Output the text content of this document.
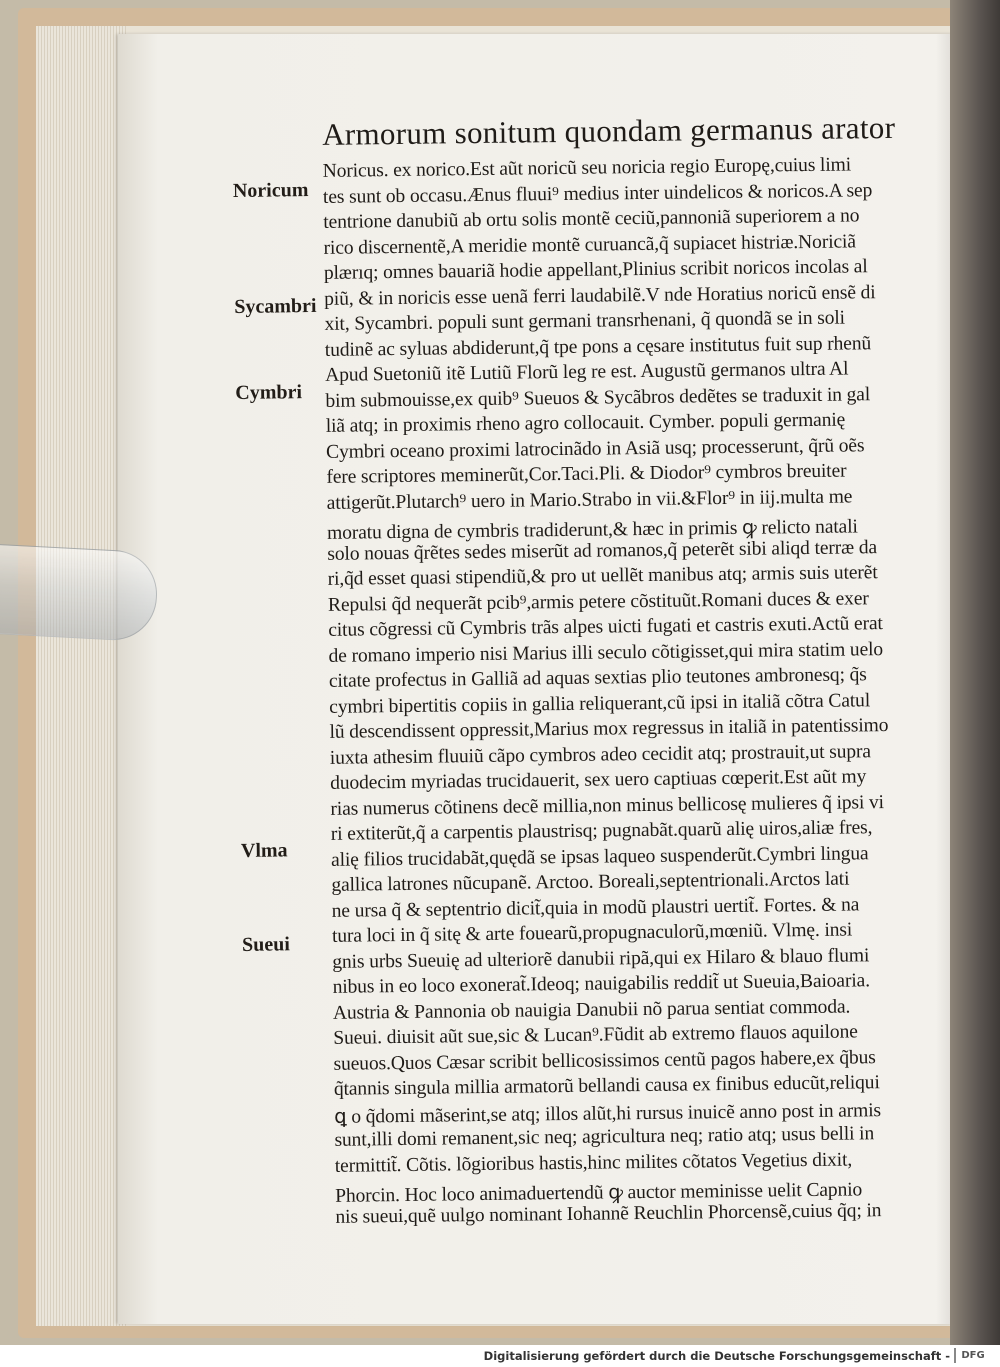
Armorum sonitum quondam germanus arator
Noricus. ex norico.Est aũt noricũ seu noricia regio Europę,cuius limi
tes sunt ob occasu.Ænus fluui⁹ medius inter uindelicos & noricos.A sep
tentrione danubiũ ab ortu solis montẽ ceciũ,pannoniã superiorem a no
rico discernentẽ,A meridie montẽ curuancã,q̃ supiacet histriæ.Noriciã
plærıq; omnes bauariã hodie appellant,Plinius scribit noricos incolas al
piũ, & in noricis esse uenã ferri laudabilẽ.V nde Horatius noricũ ensẽ di
xit, Sycambri. populi sunt germani transrhenani, q̃ quondã se in soli
tudinẽ ac syluas abdiderunt,q̃ tpe pons a cęsare institutus fuit sup rhenũ
Apud Suetoniũ itẽ Lutiũ Florũ leg re est. Augustũ germanos ultra Al
bim submouisse,ex quib⁹ Sueuos & Sycãbros dedẽtes se traduxit in gal
liã atq; in proximis rheno agro collocauit. Cymber. populi germanię
Cymbri oceano proximi latrocinãdo in Asiã usq; processerunt, q̃rũ oẽs
fere scriptores meminerũt,Cor.Taci.Pli. & Diodor⁹ cymbros breuiter
attigerũt.Plutarch⁹ uero in Mario.Strabo in vii.&Flor⁹ in iij.multa me
moratu digna de cymbris tradiderunt,& hæc in primis ꝙ relicto natali
solo nouas q̃rẽtes sedes miserũt ad romanos,q̃ peterẽt sibi aliqd terræ da
ri,q̃d esset quasi stipendiũ,& pro ut uellẽt manibus atq; armis suis uterẽt
Repulsi q̃d nequerãt pcib⁹,armis petere cõstituũt.Romani duces & exer
citus cõgressi cũ Cymbris trãs alpes uicti fugati et castris exuti.Actũ erat
de romano imperio nisi Marius illi seculo cõtigisset,qui mira statim uelo
citate profectus in Galliã ad aquas sextias plio teutones ambronesq; q̃s
cymbri bipertitis copiis in gallia reliquerant,cũ ipsi in italiã cõtra Catul
lũ descendissent oppressit,Marius mox regressus in italiã in patentissimo
iuxta athesim fluuiũ cãpo cymbros adeo cecidit atq; prostrauit,ut supra
duodecim myriadas trucidauerit, sex uero captiuas cœperit.Est aũt my
rias numerus cõtinens decẽ millia,non minus bellicosę mulieres q̃ ipsi vi
ri extiterũt,q̃ a carpentis plaustrisq; pugnabãt.quarũ alię uiros,aliæ fres,
alię filios trucidabãt,quędã se ipsas laqueo suspenderũt.Cymbri lingua
gallica latrones nũcupanẽ. Arctoo. Boreali,septentrionali.Arctos lati
ne ursa q̃ & septentrio dicit̃,quia in modũ plaustri uertit̃. Fortes. & na
tura loci in q̃ sitę & arte fouearũ,propugnaculorũ,mœniũ. Vlmę. insi
gnis urbs Sueuię ad ulteriorẽ danubii ripã,qui ex Hilaro & blauo flumi
nibus in eo loco exonerat̃.Ideoq; nauigabilis reddit̃ ut Sueuia,Baioaria.
Austria & Pannonia ob nauigia Danubii nõ parua sentiat commoda.
Sueui. diuisit aũt sue,sic & Lucan⁹.Fũdit ab extremo flauos aquilone
sueuos.Quos Cæsar scribit bellicosissimos centũ pagos habere,ex q̃bus
q̃tannis singula millia armatorũ bellandi causa ex finibus educũt,reliqui
ꝗ o q̃domi mãserint,se atq; illos alũt,hi rursus inuicẽ anno post in armis
sunt,illi domi remanent,sic neq; agricultura neq; ratio atq; usus belli in
termittit̃. Cõtis. lõgioribus hastis,hinc milites cõtatos Vegetius dixit,
Phorcin. Hoc loco animaduertendũ ꝙ auctor meminisse uelit Capnio
nis sueui,quẽ uulgo nominant Iohannẽ Reuchlin Phorcensẽ,cuius q̃q; in
Noricum
Sycambri
Cymbri
Vlma
Sueui
Digitalisierung gefördert durch die Deutsche Forschungsgemeinschaft -	DFG
